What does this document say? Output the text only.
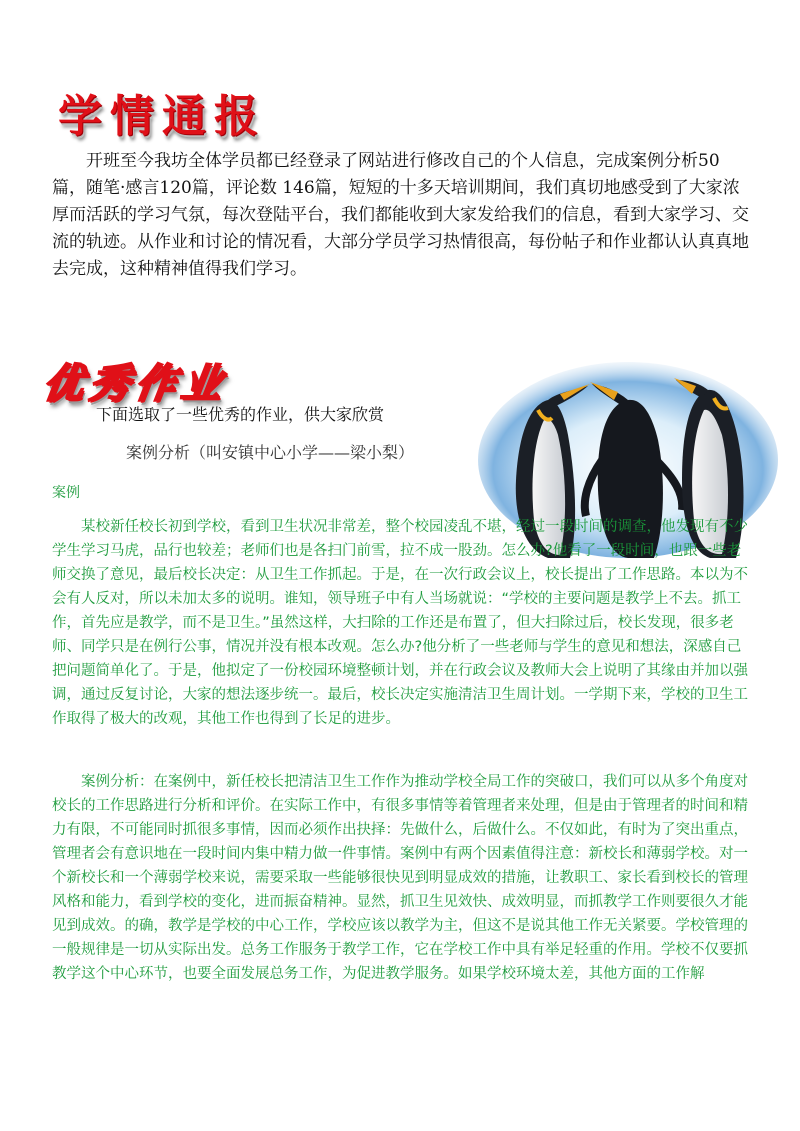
学情通报

开班至今我坊全体学员都已经登录了网站进行修改自己的个人信息，完成案例分析50篇，随笔·感言120篇，评论数 146篇，短短的十多天培训期间，我们真切地感受到了大家浓厚而活跃的学习气氛，每次登陆平台，我们都能收到大家发给我们的信息，看到大家学习、交流的轨迹。从作业和讨论的情况看，大部分学员学习热情很高，每份帖子和作业都认认真真地去完成，这种精神值得我们学习。

优秀作业
下面选取了一些优秀的作业，供大家欣赏
案例分析（叫安镇中心小学——梁小梨）
案例

某校新任校长初到学校，看到卫生状况非常差，整个校园凌乱不堪，经过一段时间的调查，他发现有不少学生学习马虎，品行也较差；老师们也是各扫门前雪，拉不成一股劲。怎么办?他看了一段时间，也跟一些老师交换了意见，最后校长决定：从卫生工作抓起。于是，在一次行政会议上，校长提出了工作思路。本以为不会有人反对，所以未加太多的说明。谁知，领导班子中有人当场就说：“学校的主要问题是教学上不去。抓工作，首先应是教学，而不是卫生。”虽然这样，大扫除的工作还是布置了，但大扫除过后，校长发现，很多老师、同学只是在例行公事，情况并没有根本改观。怎么办?他分析了一些老师与学生的意见和想法，深感自己把问题简单化了。于是，他拟定了一份校园环境整顿计划，并在行政会议及教师大会上说明了其缘由并加以强调，通过反复讨论，大家的想法逐步统一。最后，校长决定实施清洁卫生周计划。一学期下来，学校的卫生工作取得了极大的改观，其他工作也得到了长足的进步。

案例分析：在案例中，新任校长把清洁卫生工作作为推动学校全局工作的突破口，我们可以从多个角度对校长的工作思路进行分析和评价。在实际工作中，有很多事情等着管理者来处理，但是由于管理者的时间和精力有限，不可能同时抓很多事情，因而必须作出抉择：先做什么，后做什么。不仅如此，有时为了突出重点，管理者会有意识地在一段时间内集中精力做一件事情。案例中有两个因素值得注意：新校长和薄弱学校。对一个新校长和一个薄弱学校来说，需要采取一些能够很快见到明显成效的措施，让教职工、家长看到校长的管理风格和能力，看到学校的变化，进而振奋精神。显然，抓卫生见效快、成效明显，而抓教学工作则要很久才能见到成效。的确，教学是学校的中心工作，学校应该以教学为主，但这不是说其他工作无关紧要。学校管理的一般规律是一切从实际出发。总务工作服务于教学工作，它在学校工作中具有举足轻重的作用。学校不仅要抓教学这个中心环节，也要全面发展总务工作，为促进教学服务。如果学校环境太差，其他方面的工作解
